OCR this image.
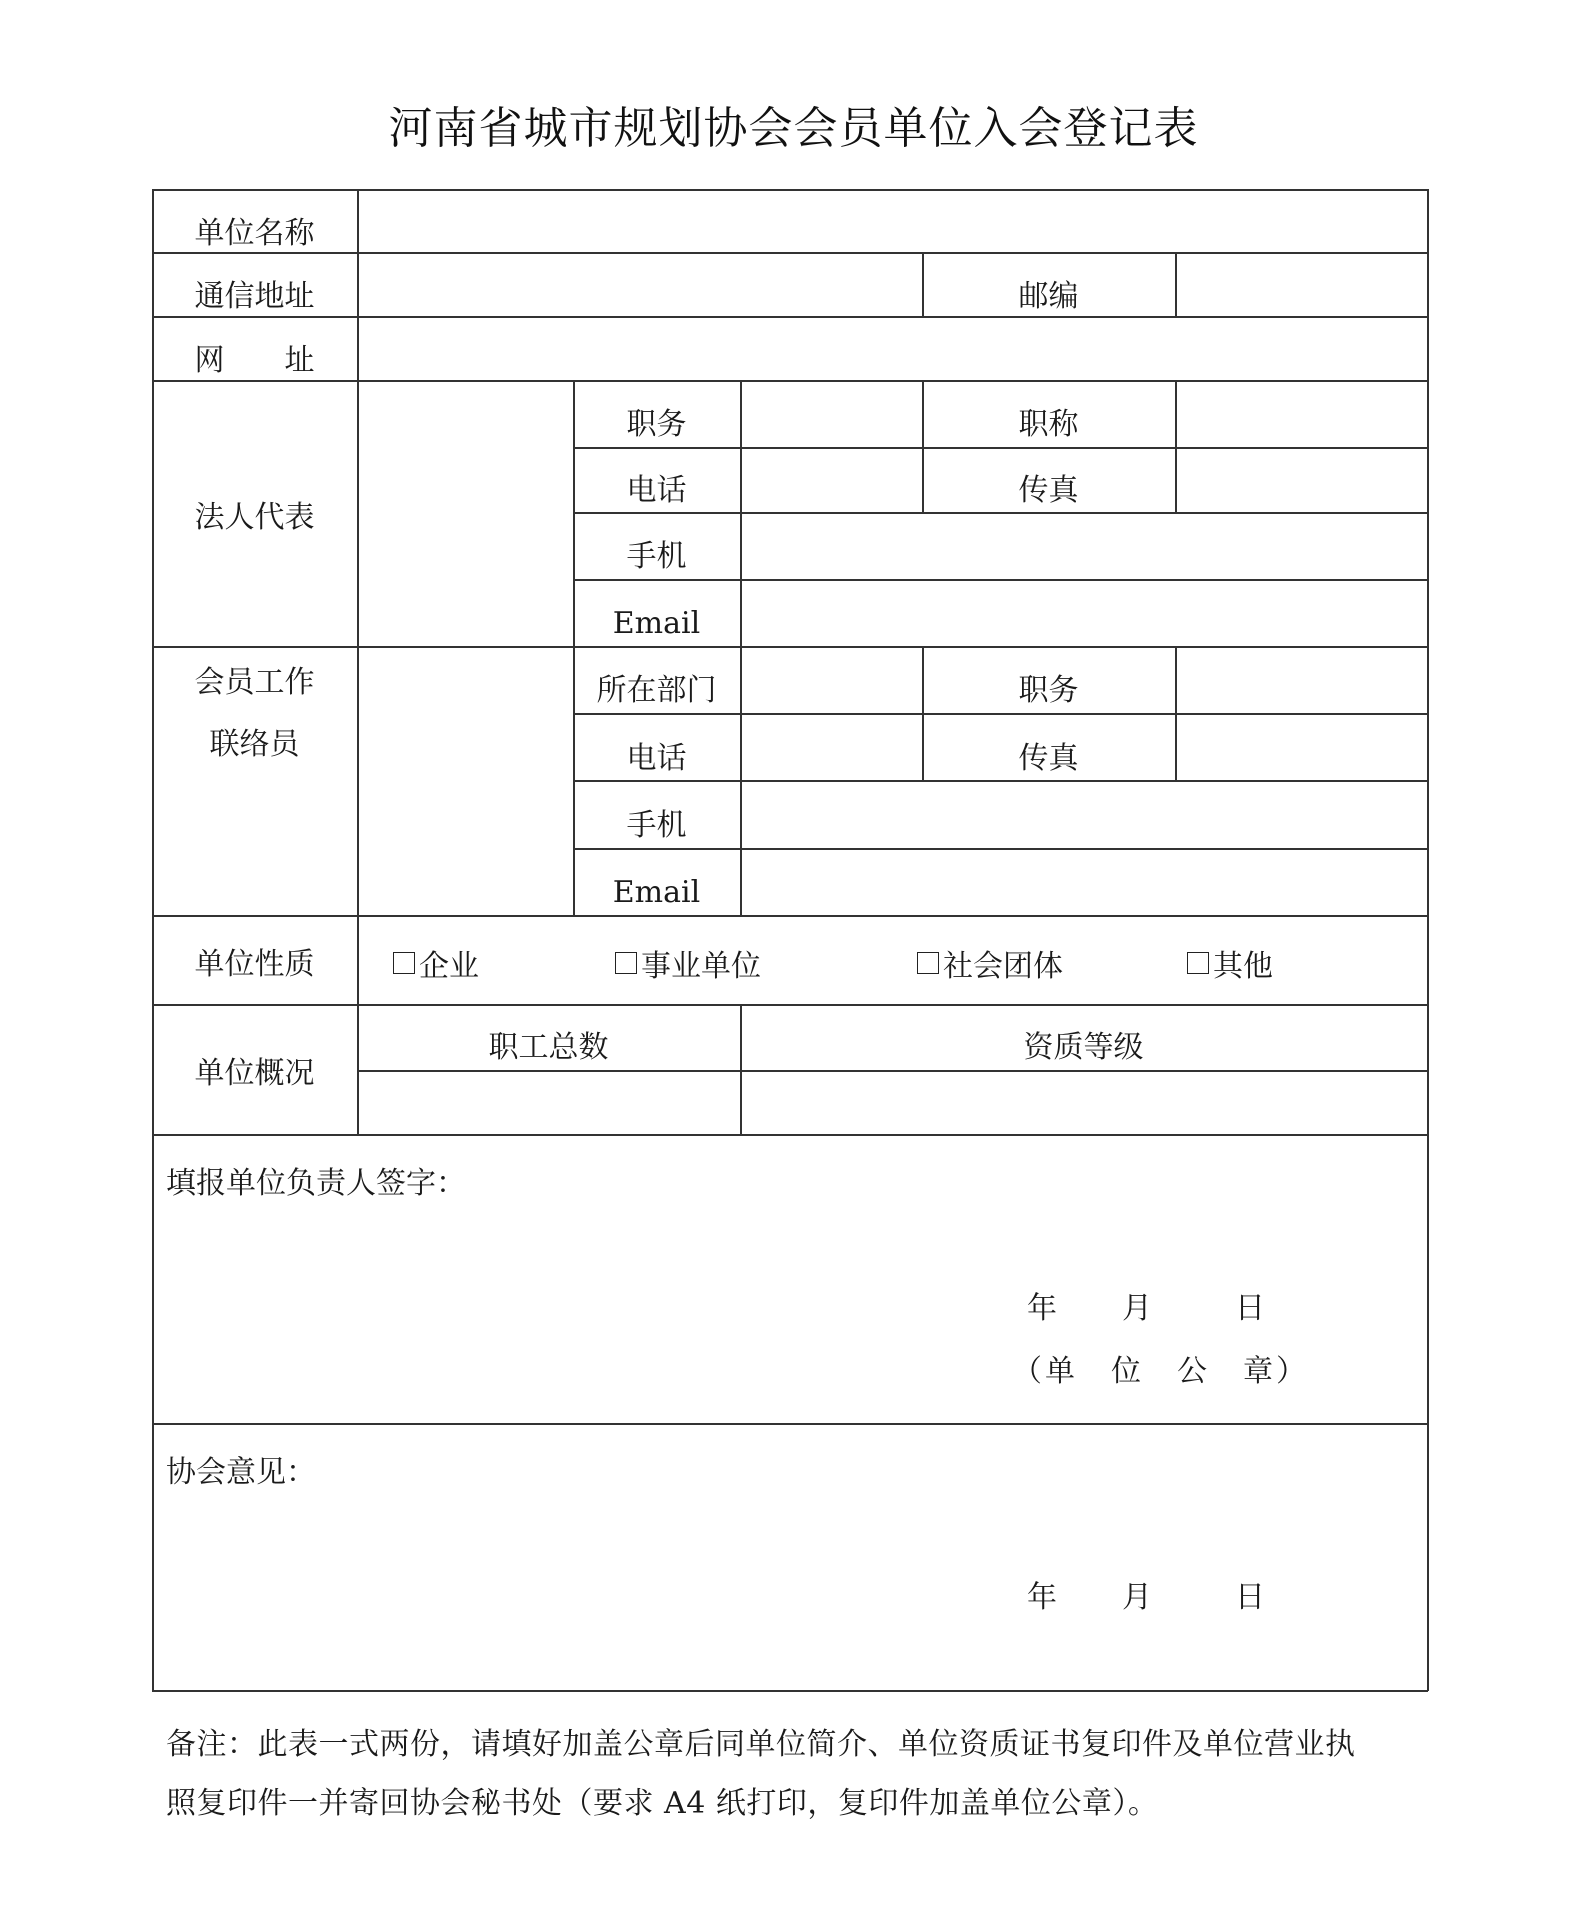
河南省城市规划协会会员单位入会登记表
单位名称
通信地址	邮编
网　　址
法人代表
职务	职称
电话	传真
手机
Email
会员工作
联络员
所在部门	职务
电话	传真
手机
Email
单位性质	企业	事业单位	社会团体	其他
单位概况
职工总数	资质等级
填报单位负责人签字：
年 月	日
（单　位　公　章）
协会意见：
年 月	日
备注：此表一式两份，请填好加盖公章后同单位简介、单位资质证书复印件及单位营业执
照复印件一并寄回协会秘书处（要求 A4 纸打印，复印件加盖单位公章）。
